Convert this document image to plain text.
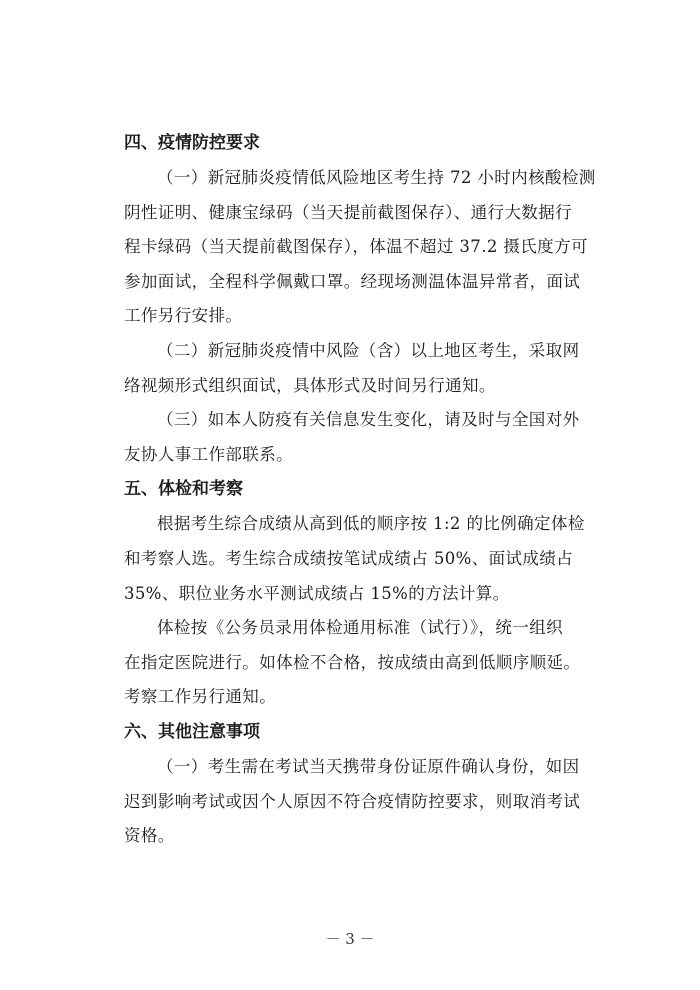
四、疫情防控要求

（一）新冠肺炎疫情低风险地区考生持 72 小时内核酸检测
阴性证明、健康宝绿码（当天提前截图保存）、通行大数据行
程卡绿码（当天提前截图保存），体温不超过 37.2 摄氏度方可
参加面试，全程科学佩戴口罩。经现场测温体温异常者，面试
工作另行安排。

（二）新冠肺炎疫情中风险（含）以上地区考生，采取网
络视频形式组织面试，具体形式及时间另行通知。

（三）如本人防疫有关信息发生变化，请及时与全国对外
友协人事工作部联系。

五、体检和考察

根据考生综合成绩从高到低的顺序按 1:2 的比例确定体检
和考察人选。考生综合成绩按笔试成绩占 50%、面试成绩占
35%、职位业务水平测试成绩占 15%的方法计算。

体检按《公务员录用体检通用标准（试行）》，统一组织
在指定医院进行。如体检不合格，按成绩由高到低顺序顺延。
考察工作另行通知。

六、其他注意事项

（一）考生需在考试当天携带身份证原件确认身份，如因
迟到影响考试或因个人原因不符合疫情防控要求，则取消考试
资格。

－ 3 －
